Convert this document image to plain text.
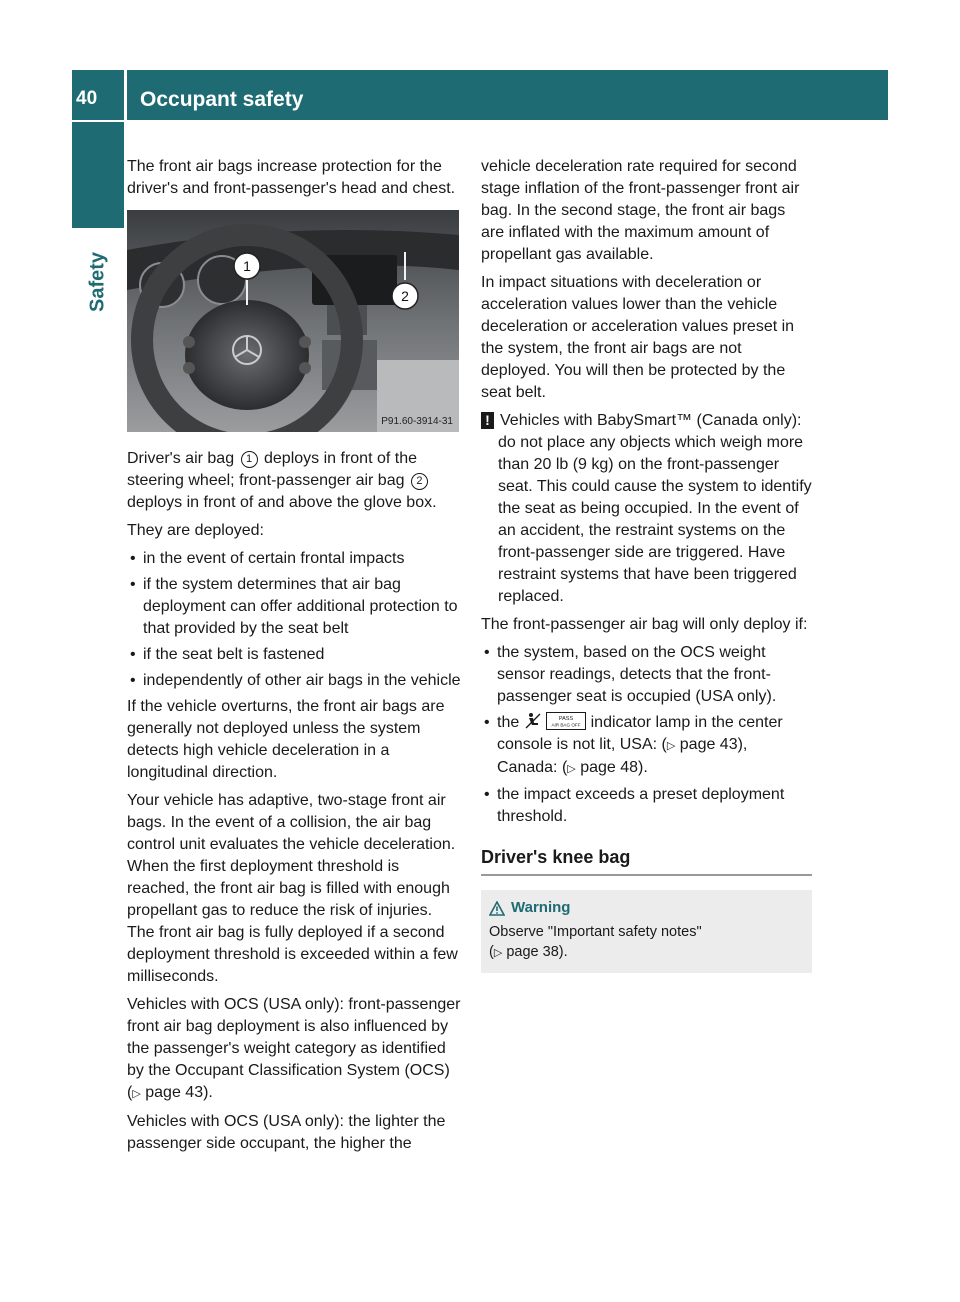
40	Occupant safety
Safety

The front air bags increase protection for the driver's and front-passenger's head and chest.

1
2
P91.60-3914-31

Driver's air bag 1 deploys in front of the steering wheel; front-passenger air bag 2 deploys in front of and above the glove box.

They are deployed:

• in the event of certain frontal impacts
• if the system determines that air bag deployment can offer additional protection to that provided by the seat belt
• if the seat belt is fastened
• independently of other air bags in the vehicle

If the vehicle overturns, the front air bags are generally not deployed unless the system detects high vehicle deceleration in a longitudinal direction.

Your vehicle has adaptive, two-stage front air bags. In the event of a collision, the air bag control unit evaluates the vehicle deceleration. When the first deployment threshold is reached, the front air bag is filled with enough propellant gas to reduce the risk of injuries. The front air bag is fully deployed if a second deployment threshold is exceeded within a few milliseconds.

Vehicles with OCS (USA only): front-passenger front air bag deployment is also influenced by the passenger's weight category as identified by the Occupant Classification System (OCS) (▷ page 43).

Vehicles with OCS (USA only): the lighter the passenger side occupant, the higher the

vehicle deceleration rate required for second stage inflation of the front-passenger front air bag. In the second stage, the front air bags are inflated with the maximum amount of propellant gas available.

In impact situations with deceleration or acceleration values lower than the vehicle deceleration or acceleration values preset in the system, the front air bags are not deployed. You will then be protected by the seat belt.

! Vehicles with BabySmart™ (Canada only):
do not place any objects which weigh more than 20 lb (9 kg) on the front-passenger seat. This could cause the system to identify the seat as being occupied. In the event of an accident, the restraint systems on the front-passenger side are triggered. Have restraint systems that have been triggered replaced.

The front-passenger air bag will only deploy if:

• the system, based on the OCS weight sensor readings, detects that the front-passenger seat is occupied (USA only).
• the	PASS
AIR BAG OFF indicator lamp in the center console is not lit, USA: (▷ page 43),
Canada: (▷ page 48).
• the impact exceeds a preset deployment threshold.
Driver's knee bag
Warning
Observe "Important safety notes"
(▷ page 38).
